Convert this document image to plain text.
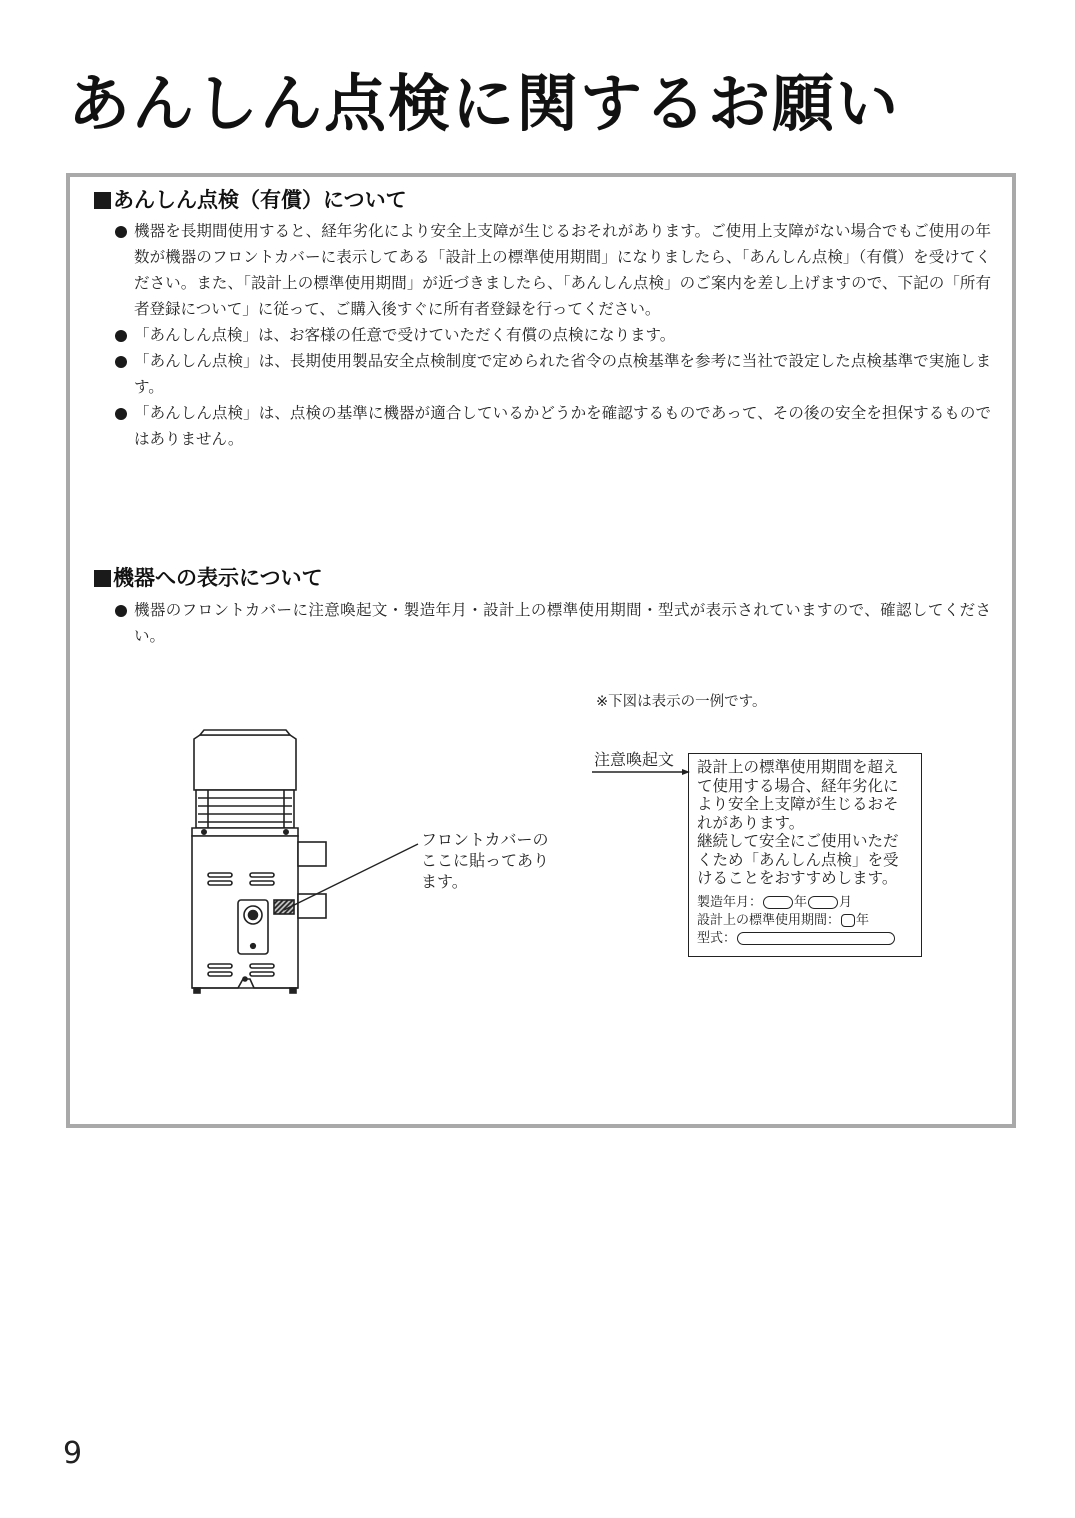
あんしん点検に関するお願い
あんしん点検（有償）について
機器を長期間使用すると、経年劣化により安全上支障が生じるおそれがあります。ご使用上支障がない場合でもご使用の年数が機器のフロントカバーに表示してある「設計上の標準使用期間」になりましたら、「あんしん点検」（有償）を受けてください。また、「設計上の標準使用期間」が近づきましたら、「あんしん点検」のご案内を差し上げますので、下記の「所有者登録について」に従って、ご購入後すぐに所有者登録を行ってください。
「あんしん点検」は、お客様の任意で受けていただく有償の点検になります。
「あんしん点検」は、長期使用製品安全点検制度で定められた省令の点検基準を参考に当社で設定した点検基準で実施します。
「あんしん点検」は、点検の基準に機器が適合しているかどうかを確認するものであって、その後の安全を担保するものではありません。
機器への表示について
機器のフロントカバーに注意喚起文・製造年月・設計上の標準使用期間・型式が表示されていますので、確認してください。
※下図は表示の一例です。
フロントカバーの
ここに貼ってあり
ます。
注意喚起文 設計上の標準使用期間を超え
て使用する場合、経年劣化に
より安全上支障が生じるおそ
れがあります。
継続して安全にご使用いただ
くため「あんしん点検」を受
けることをおすすめします。
製造年月： 年 月
設計上の標準使用期間： 年
型式：
9
